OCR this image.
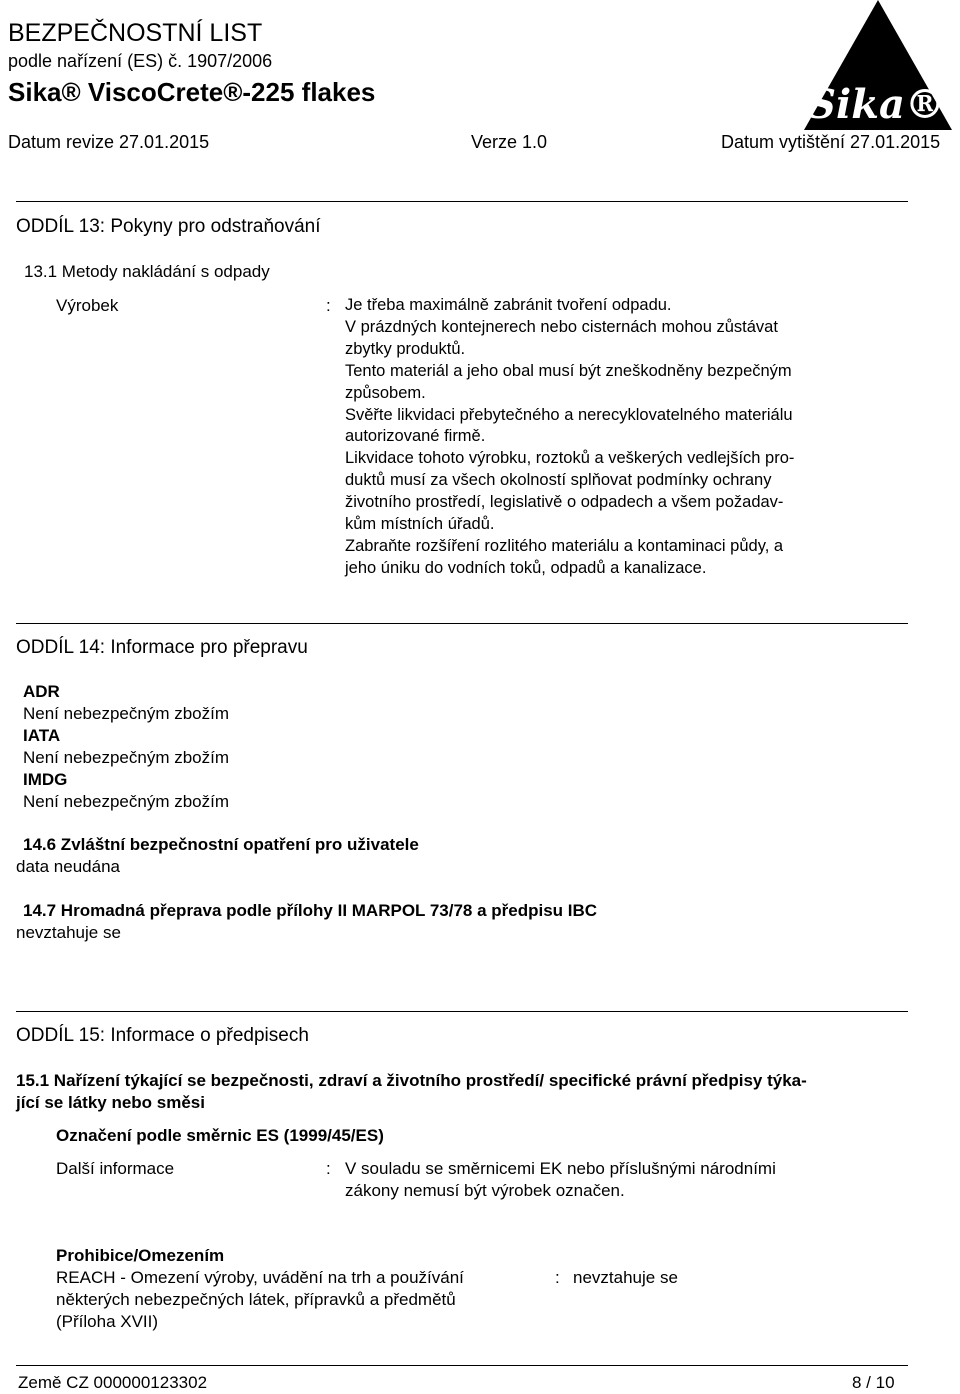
BEZPEČNOSTNÍ LIST
podle nařízení (ES) č. 1907/2006
Sika® ViscoCrete®-225 flakes
Datum revize 27.01.2015	Verze 1.0	Datum vytištění 27.01.2015
Sika®
ODDÍL 13: Pokyny pro odstraňování
13.1 Metody nakládání s odpady
Výrobek	: Je třeba maximálně zabránit tvoření odpadu.
V prázdných kontejnerech nebo cisternách mohou zůstávat
zbytky produktů.
Tento materiál a jeho obal musí být zneškodněny bezpečným
způsobem.
Svěřte likvidaci přebytečného a nerecyklovatelného materiálu
autorizované firmě.
Likvidace tohoto výrobku, roztoků a veškerých vedlejších pro-
duktů musí za všech okolností splňovat podmínky ochrany
životního prostředí, legislativě o odpadech a všem požadav-
kům místních úřadů.
Zabraňte rozšíření rozlitého materiálu a kontaminaci půdy, a
jeho úniku do vodních toků, odpadů a kanalizace.
ODDÍL 14: Informace pro přepravu
ADR
Není nebezpečným zbožím
IATA
Není nebezpečným zbožím
IMDG
Není nebezpečným zbožím
14.6 Zvláštní bezpečnostní opatření pro uživatele
data neudána
14.7 Hromadná přeprava podle přílohy II MARPOL 73/78 a předpisu IBC
nevztahuje se
ODDÍL 15: Informace o předpisech
15.1 Nařízení týkající se bezpečnosti, zdraví a životního prostředí/ specifické právní předpisy týka-
jící se látky nebo směsi
Označení podle směrnic ES (1999/45/ES)
Další informace	: V souladu se směrnicemi EK nebo příslušnými národními
zákony nemusí být výrobek označen.
Prohibice/Omezením
REACH - Omezení výroby, uvádění na trh a používání
některých nebezpečných látek, přípravků a předmětů
(Příloha XVII)
: nevztahuje se
Země CZ 000000123302	8 / 10
